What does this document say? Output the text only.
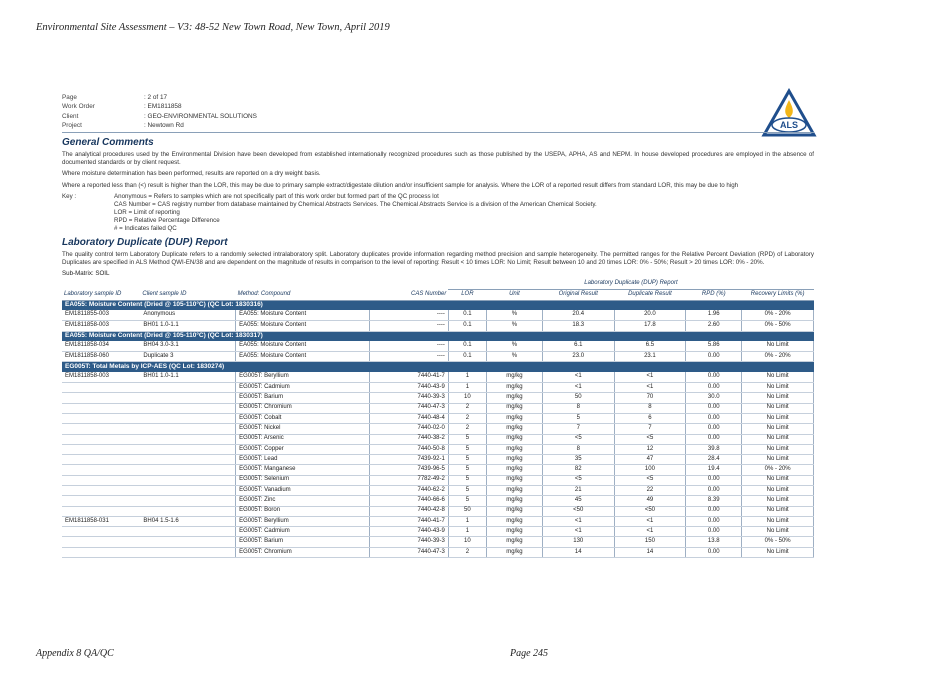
Environmental Site Assessment – V3: 48-52 New Town Road, New Town, April 2019
ALS
Page	: 2 of 17
Work Order	: EM1811858
Client	: GEO-ENVIRONMENTAL SOLUTIONS
Project	: Newtown Rd
General Comments

The analytical procedures used by the Environmental Division have been developed from established internationally recognized procedures such as those published by the USEPA, APHA, AS and NEPM. In house developed procedures are employed in the absence of documented standards or by client request.

Where moisture determination has been performed, results are reported on a dry weight basis.

Where a reported less than (<) result is higher than the LOR, this may be due to primary sample extract/digestate dilution and/or insufficient sample for analysis. Where the LOR of a reported result differs from standard LOR, this may be due to high

Key :	Anonymous = Refers to samples which are not specifically part of this work order but formed part of the QC process lot
CAS Number = CAS registry number from database maintained by Chemical Abstracts Services. The Chemical Abstracts Service is a division of the American Chemical Society.
LOR = Limit of reporting
RPD = Relative Percentage Difference
# = Indicates failed QC
Laboratory Duplicate (DUP) Report

The quality control term Laboratory Duplicate refers to a randomly selected intralaboratory split. Laboratory duplicates provide information regarding method precision and sample heterogeneity. The permitted ranges for the Relative Percent Deviation (RPD) of Laboratory Duplicates are specified in ALS Method QWI-EN/38 and are dependent on the magnitude of results in comparison to the level of reporting: Result < 10 times LOR: No Limit; Result between 10 and 20 times LOR: 0% - 50%; Result > 20 times LOR: 0% - 20%.

Sub-Matrix: SOIL
				Laboratory Duplicate (DUP) Report					
Laboratory sample ID	Client sample ID	Method: Compound	CAS Number	LOR	Unit	Original Result	Duplicate Result	RPD (%)	Recovery Limits (%)
EA055: Moisture Content (Dried @ 105-110°C) (QC Lot: 1830316)									
EM1811855-003	Anonymous	EA055: Moisture Content	----	0.1	%	20.4	20.0	1.96	0% - 20%
EM1811858-003	BH01 1.0-1.1	EA055: Moisture Content	----	0.1	%	18.3	17.8	2.60	0% - 50%
EA055: Moisture Content (Dried @ 105-110°C) (QC Lot: 1830317)									
EM1811858-034	BH04 3.0-3.1	EA055: Moisture Content	----	0.1	%	6.1	6.5	5.86	No Limit
EM1811858-060	Duplicate 3	EA055: Moisture Content	----	0.1	%	23.0	23.1	0.00	0% - 20%
EG005T: Total Metals by ICP-AES (QC Lot: 1830274)									
EM1811858-003	BH01 1.0-1.1	EG005T: Beryllium	7440-41-7	1	mg/kg	<1	<1	0.00	No Limit
		EG005T: Cadmium	7440-43-9	1	mg/kg	<1	<1	0.00	No Limit
		EG005T: Barium	7440-39-3	10	mg/kg	50	70	30.0	No Limit
		EG005T: Chromium	7440-47-3	2	mg/kg	8	8	0.00	No Limit
		EG005T: Cobalt	7440-48-4	2	mg/kg	5	6	0.00	No Limit
		EG005T: Nickel	7440-02-0	2	mg/kg	7	7	0.00	No Limit
		EG005T: Arsenic	7440-38-2	5	mg/kg	<5	<5	0.00	No Limit
		EG005T: Copper	7440-50-8	5	mg/kg	8	12	39.8	No Limit
		EG005T: Lead	7439-92-1	5	mg/kg	35	47	28.4	No Limit
		EG005T: Manganese	7439-96-5	5	mg/kg	82	100	19.4	0% - 20%
		EG005T: Selenium	7782-49-2	5	mg/kg	<5	<5	0.00	No Limit
		EG005T: Vanadium	7440-62-2	5	mg/kg	21	22	0.00	No Limit
		EG005T: Zinc	7440-66-6	5	mg/kg	45	49	8.39	No Limit
		EG005T: Boron	7440-42-8	50	mg/kg	<50	<50	0.00	No Limit
EM1811858-031	BH04 1.5-1.6	EG005T: Beryllium	7440-41-7	1	mg/kg	<1	<1	0.00	No Limit
		EG005T: Cadmium	7440-43-9	1	mg/kg	<1	<1	0.00	No Limit
		EG005T: Barium	7440-39-3	10	mg/kg	130	150	13.8	0% - 50%
		EG005T: Chromium	7440-47-3	2	mg/kg	14	14	0.00	No Limit
Appendix 8 QA/QC	Page 245
